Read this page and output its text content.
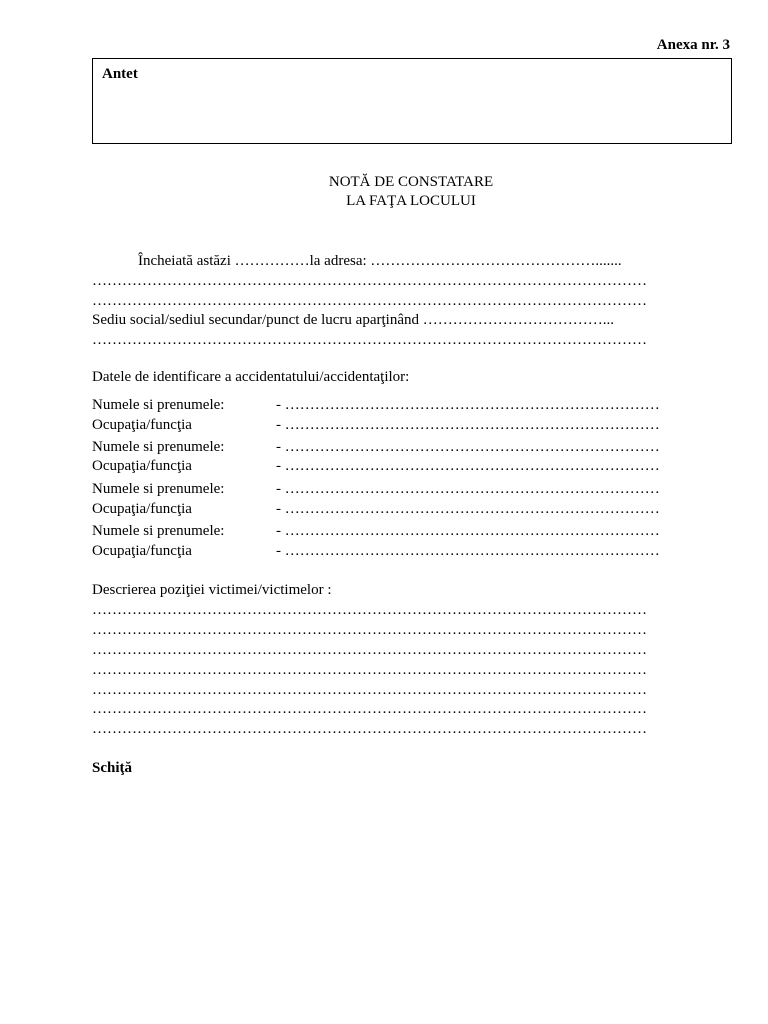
Anexa nr. 3
Antet
NOTĂ DE CONSTATARE
LA FAŢA LOCULUI
Încheiată astăzi ……………la adresa: ……………………………………….......
…………………………………………………………………………………………………
…………………………………………………………………………………………………
Sediu social/sediul secundar/punct de lucru aparţinând ………………………………...
…………………………………………………………………………………………………
Datele de identificare a accidentatului/accidentaţilor:
Numele si prenumele:	- …………………………………………………………………
Ocupaţia/funcţia	- …………………………………………………………………
Numele si prenumele:	- …………………………………………………………………
Ocupaţia/funcţia	- …………………………………………………………………
Numele si prenumele:	- …………………………………………………………………
Ocupaţia/funcţia	- …………………………………………………………………
Numele si prenumele:	- …………………………………………………………………
Ocupaţia/funcţia	- …………………………………………………………………
Descrierea poziţiei victimei/victimelor :
…………………………………………………………………………………………………
…………………………………………………………………………………………………
…………………………………………………………………………………………………
…………………………………………………………………………………………………
…………………………………………………………………………………………………
…………………………………………………………………………………………………
…………………………………………………………………………………………………
Schiţă
